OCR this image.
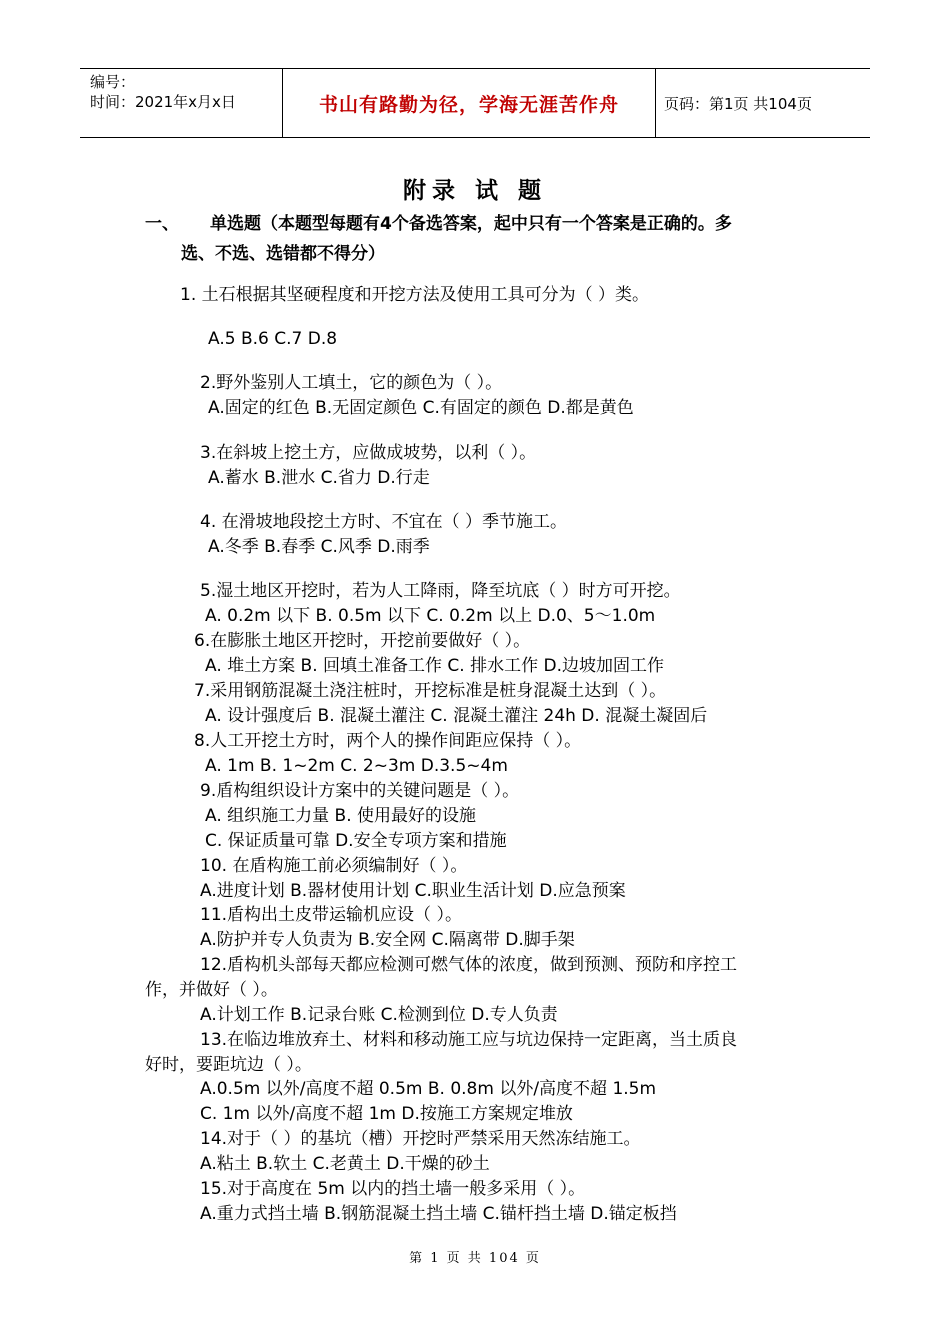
编号：
时间：2021年x月x日	书山有路勤为径，学海无涯苦作舟	页码：第1页 共104页
附录 试 题
一、 单选题（本题型每题有4个备选答案，起中只有一个答案是正确的。多
选、不选、选错都不得分）
1. 土石根据其坚硬程度和开挖方法及使用工具可分为（ ）类。
A.5 B.6 C.7 D.8
2.野外鉴别人工填土，它的颜色为（ ）。
A.固定的红色 B.无固定颜色 C.有固定的颜色 D.都是黄色
3.在斜坡上挖土方，应做成坡势，以利（ ）。
A.蓄水 B.泄水 C.省力 D.行走
4. 在滑坡地段挖土方时、不宜在（ ）季节施工。
A.冬季 B.春季 C.风季 D.雨季
5.湿土地区开挖时，若为人工降雨，降至坑底（ ）时方可开挖。
A. 0.2m 以下 B. 0.5m 以下 C. 0.2m 以上 D.0、5～1.0m
6.在膨胀土地区开挖时，开挖前要做好（ ）。
A. 堆土方案 B. 回填土准备工作 C. 排水工作 D.边坡加固工作
7.采用钢筋混凝土浇注桩时，开挖标准是桩身混凝土达到（ ）。
A. 设计强度后 B. 混凝土灌注 C. 混凝土灌注 24h D. 混凝土凝固后
8.人工开挖土方时，两个人的操作间距应保持（ ）。
A. 1m B. 1~2m C. 2~3m D.3.5~4m
9.盾构组织设计方案中的关键问题是（ ）。
A. 组织施工力量 B. 使用最好的设施
C. 保证质量可靠 D.安全专项方案和措施
10. 在盾构施工前必须编制好（ ）。
A.进度计划 B.器材使用计划 C.职业生活计划 D.应急预案
11.盾构出土皮带运输机应设（ ）。
A.防护并专人负责为 B.安全网 C.隔离带 D.脚手架
12.盾构机头部每天都应检测可燃气体的浓度，做到预测、预防和序控工
作，并做好（ ）。
A.计划工作 B.记录台账 C.检测到位 D.专人负责
13.在临边堆放弃土、材料和移动施工应与坑边保持一定距离，当土质良
好时，要距坑边（ ）。
A.0.5m 以外/高度不超 0.5m B. 0.8m 以外/高度不超 1.5m
C. 1m 以外/高度不超 1m D.按施工方案规定堆放
14.对于（ ）的基坑（槽）开挖时严禁采用天然冻结施工。
A.粘土 B.软土 C.老黄土 D.干燥的砂土
15.对于高度在 5m 以内的挡土墙一般多采用（ ）。
A.重力式挡土墙 B.钢筋混凝土挡土墙 C.锚杆挡土墙 D.锚定板挡
第 1 页 共 104 页
